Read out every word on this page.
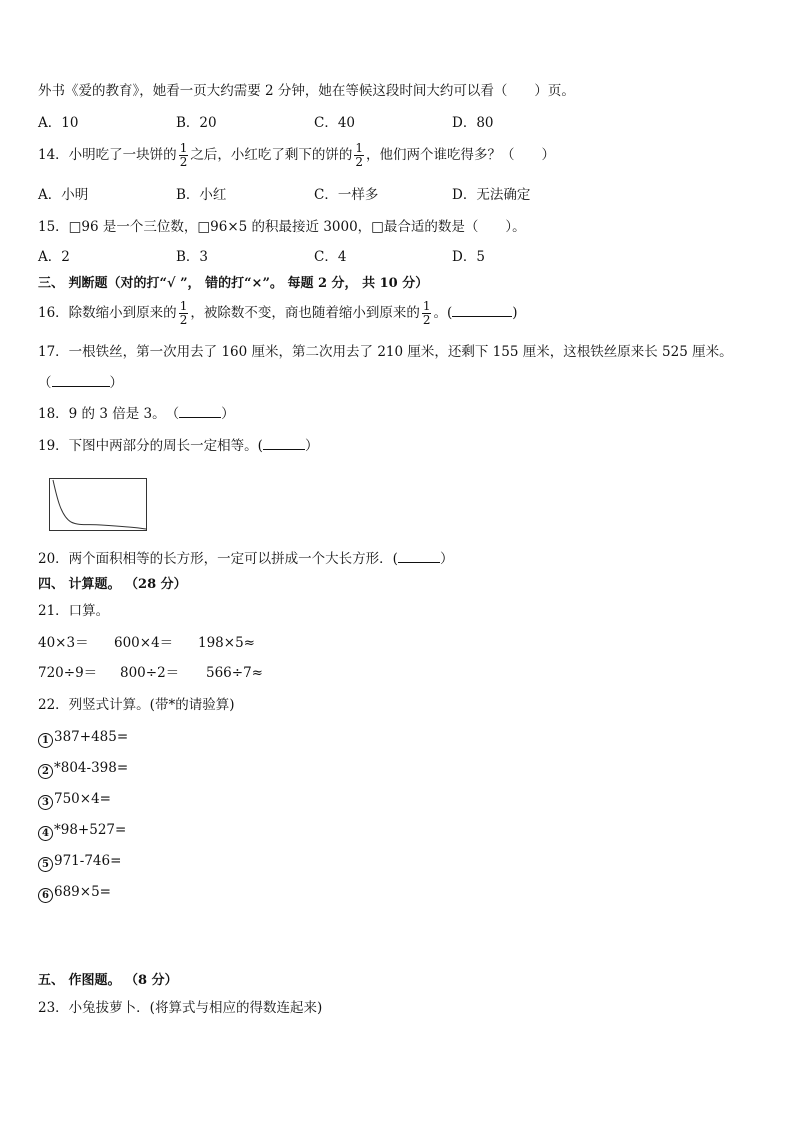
外书《爱的教育》，她看一页大约需要 2 分钟，她在等候这段时间大约可以看（　　）页。
A．10	B．20	C．40	D．80
14．小明吃了一块饼的 $\frac{1}{2}$ 之后，小红吃了剩下的饼的 $\frac{1}{2}$ ，他们两个谁吃得多？（　　）
A．小明	B．小红	C．一样多	D．无法确定
15．□96 是一个三位数，□96×5 的积最接近 3000，□最合适的数是（　　）。
A．2	B．3	C．4	D．5
三、 判断题（对的打“√ ”， 错的打“×”。 每题 2 分， 共 10 分）
16．除数缩小到原来的 $\frac{1}{2}$ ，被除数不变，商也随着缩小到原来的 $\frac{1}{2}$ 。(	)
17．一根铁丝，第一次用去了 160 厘米，第二次用去了 210 厘米，还剩下 155 厘米，这根铁丝原来长 525 厘米。
（	）
18．9 的 3 倍是 3。　（	）
19．下图中两部分的周长一定相等。(	）
20．两个面积相等的长方形，一定可以拼成一个大长方形．(	）
四、 计算题。 （28 分）
21．口算。
40×3＝ 600×4＝ 198×5≈
720÷9＝ 800÷2＝ 566÷7≈
22．列竖式计算。(带*的请验算)
1 387+485=
2 *804-398=
3 750×4=
4 *98+527=
5 971-746=
6 689×5=
五、 作图题。 （8 分）
23．小兔拔萝卜．(将算式与相应的得数连起来)
